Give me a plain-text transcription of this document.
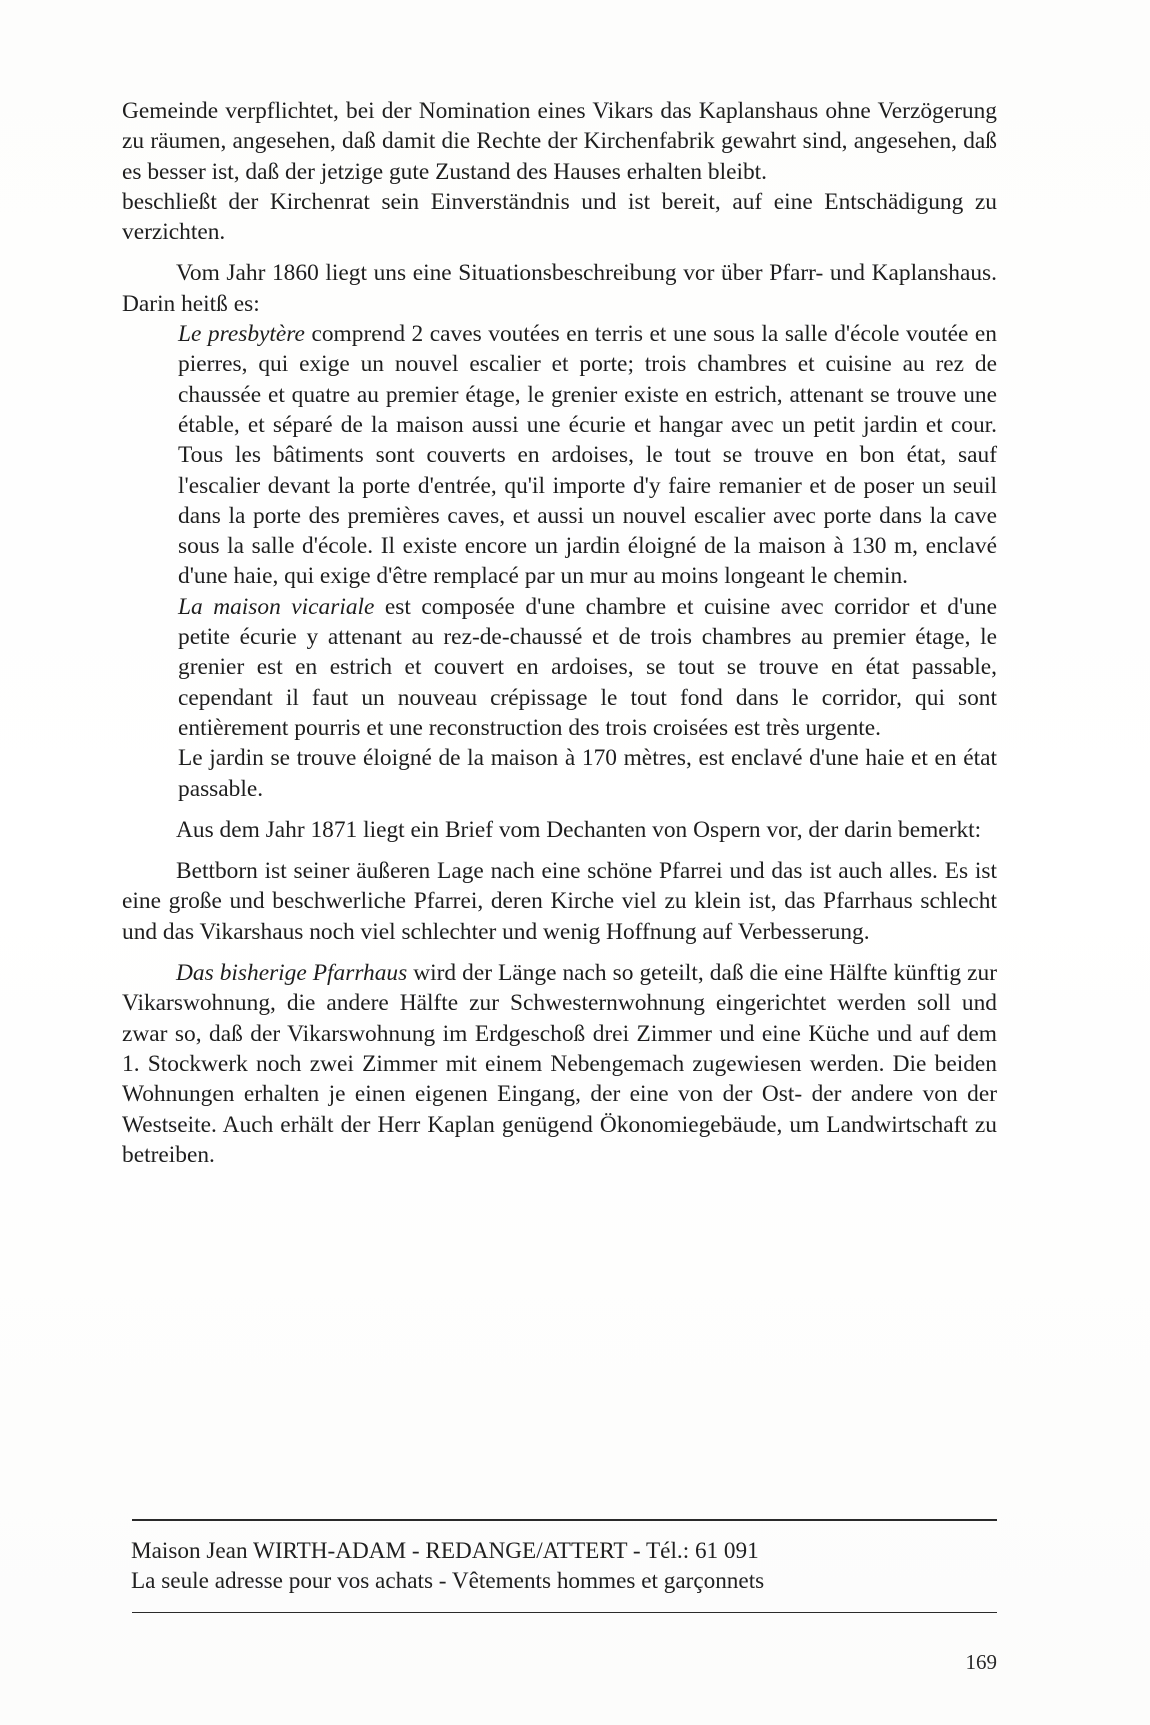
Gemeinde verpflichtet, bei der Nomination eines Vikars das Kaplanshaus ohne Verzögerung zu räumen, angesehen, daß damit die Rechte der Kirchenfabrik gewahrt sind, angesehen, daß es besser ist, daß der jetzige gute Zustand des Hauses erhalten bleibt.

beschließt der Kirchenrat sein Einverständnis und ist bereit, auf eine Entschädigung zu verzichten.

Vom Jahr 1860 liegt uns eine Situationsbeschreibung vor über Pfarr- und Kaplanshaus. Darin heitß es:

Le presbytère comprend 2 caves voutées en terris et une sous la salle d'école voutée en pierres, qui exige un nouvel escalier et porte; trois chambres et cuisine au rez de chaussée et quatre au premier étage, le grenier existe en estrich, attenant se trouve une étable, et séparé de la maison aussi une écurie et hangar avec un petit jardin et cour. Tous les bâtiments sont couverts en ardoises, le tout se trouve en bon état, sauf l'escalier devant la porte d'entrée, qu'il importe d'y faire remanier et de poser un seuil dans la porte des premières caves, et aussi un nouvel escalier avec porte dans la cave sous la salle d'école. Il existe encore un jardin éloigné de la maison à 130 m, enclavé d'une haie, qui exige d'être remplacé par un mur au moins longeant le chemin.

La maison vicariale est composée d'une chambre et cuisine avec corridor et d'une petite écurie y attenant au rez-de-chaussé et de trois chambres au premier étage, le grenier est en estrich et couvert en ardoises, se tout se trouve en état passable, cependant il faut un nouveau crépissage le tout fond dans le corridor, qui sont entièrement pourris et une reconstruction des trois croisées est très urgente.

Le jardin se trouve éloigné de la maison à 170 mètres, est enclavé d'une haie et en état passable.

Aus dem Jahr 1871 liegt ein Brief vom Dechanten von Ospern vor, der darin bemerkt:

Bettborn ist seiner äußeren Lage nach eine schöne Pfarrei und das ist auch alles. Es ist eine große und beschwerliche Pfarrei, deren Kirche viel zu klein ist, das Pfarrhaus schlecht und das Vikarshaus noch viel schlechter und wenig Hoffnung auf Verbesserung.

Das bisherige Pfarrhaus wird der Länge nach so geteilt, daß die eine Hälfte künftig zur Vikarswohnung, die andere Hälfte zur Schwesternwohnung eingerichtet werden soll und zwar so, daß der Vikarswohnung im Erdgeschoß drei Zimmer und eine Küche und auf dem 1. Stockwerk noch zwei Zimmer mit einem Nebengemach zugewiesen werden. Die beiden Wohnungen erhalten je einen eigenen Eingang, der eine von der Ost- der andere von der Westseite. Auch erhält der Herr Kaplan genügend Ökonomiegebäude, um Landwirtschaft zu betreiben.

Maison Jean WIRTH-ADAM - REDANGE/ATTERT - Tél.: 61 091
La seule adresse pour vos achats - Vêtements hommes et garçonnets
169
